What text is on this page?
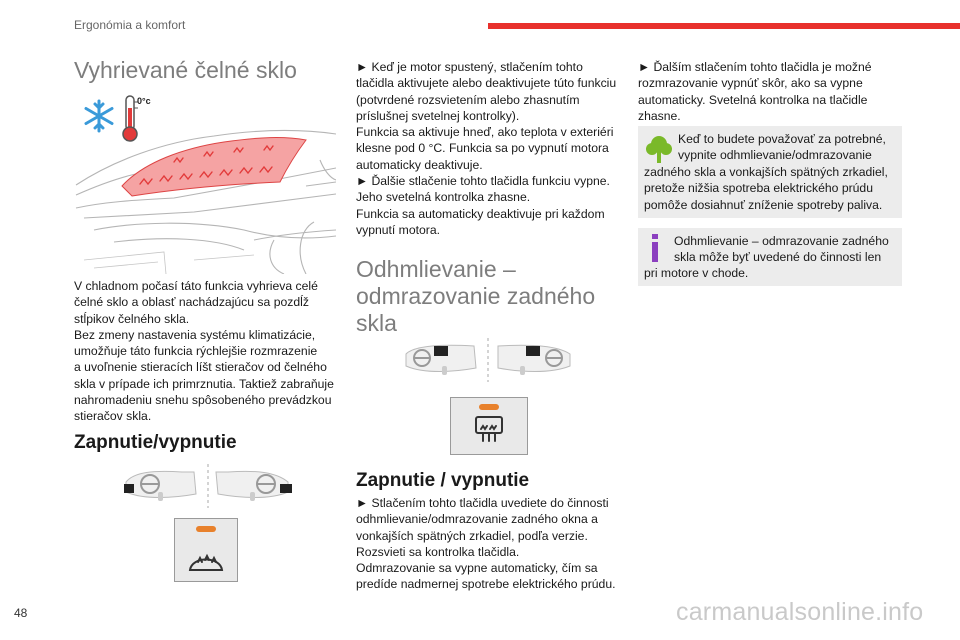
Ergonómia a komfort
Vyhrievané čelné sklo
0°c

V chladnom počasí táto funkcia vyhrieva celé

čelné sklo a oblasť nachádzajúcu sa pozdĺž

stĺpikov čelného skla.

Bez zmeny nastavenia systému klimatizácie,

umožňuje táto funkcia rýchlejšie rozmrazenie

a uvoľnenie stieracích líšt stieračov od čelného

skla v prípade ich primrznutia. Taktiež zabraňuje

nahromadeniu snehu spôsobeného prevádzkou

stieračov skla.

Zapnutie/vypnutie

► Keď je motor spustený, stlačením tohto

tlačidla aktivujete alebo deaktivujete túto funkciu

(potvrdené rozsvietením alebo zhasnutím

príslušnej svetelnej kontrolky).

Funkcia sa aktivuje hneď, ako teplota v exteriéri

klesne pod 0 °C. Funkcia sa po vypnutí motora

automaticky deaktivuje.

► Ďalšie stlačenie tohto tlačidla funkciu vypne.

Jeho svetelná kontrolka zhasne.

Funkcia sa automaticky deaktivuje pri každom

vypnutí motora.

Odhmlievanie –

odmrazovanie zadného

skla

Zapnutie / vypnutie

► Stlačením tohto tlačidla uvediete do činnosti

odhmlievanie/odmrazovanie zadného okna a

vonkajších spätných zrkadiel, podľa verzie.

Rozsvieti sa kontrolka tlačidla.

Odmrazovanie sa vypne automaticky, čím sa

predíde nadmernej spotrebe elektrického prúdu.

► Ďalším stlačením tohto tlačidla je možné

rozmrazovanie vypnúť skôr, ako sa vypne

automaticky. Svetelná kontrolka na tlačidle

zhasne.

Keď to budete považovať za potrebné,

vypnite odhmlievanie/odmrazovanie

zadného skla a vonkajších spätných zrkadiel,

pretože nižšia spotreba elektrického prúdu

pomôže dosiahnuť zníženie spotreby paliva.

Odhmlievanie – odmrazovanie zadného

skla môže byť uvedené do činnosti len

pri motore v chode.

48	carmanualsonline.info
